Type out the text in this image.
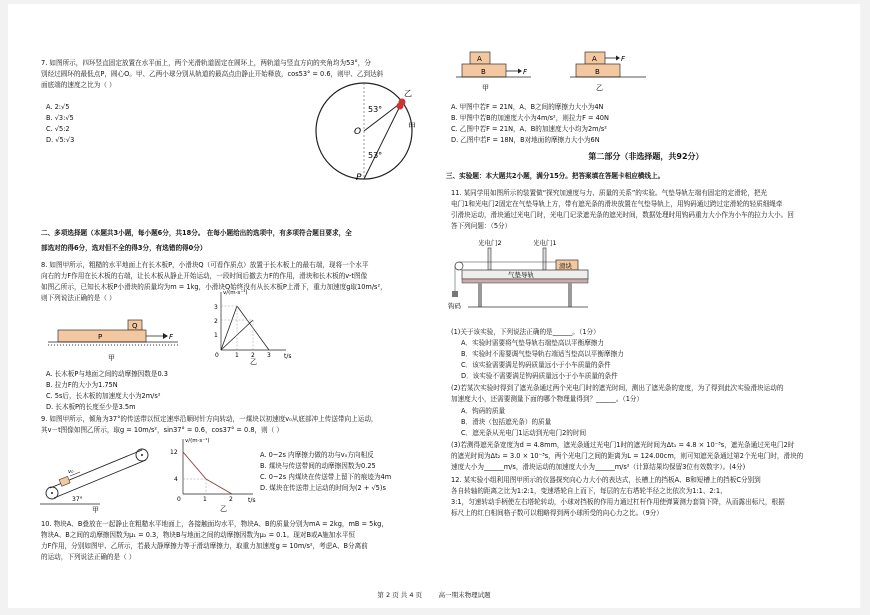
7. 如图所示，四环竖直固定放置在水平面上，两个光滑轨道固定在圆环上，两轨道与竖直方向的夹角均为53°，分
别经过圆环的最低点P，圆心O。甲、乙两小球分别从轨道的最高点由静止开始释放，cos53° = 0.6，则甲、乙到达斜
面底端的速度之比为（ ）
A. 2:√5
B. √3:√5
C. √5:2
D. √5:√3
53°
53°
O
P
甲
乙
二、多项选择题（本题共3小题，每小题6分，共18分。 在每小题给出的选项中，有多项符合题目要求，全
部选对的得6分，选对但不全的得3分，有选错的得0分）
8. 如图甲所示，粗糙的水平地面上有长木板P，小滑块Q（可看作质点）放置于长木板上的最右端，现将一个水平
向右的力F作用在长木板的右端，让长木板从静止开始运动，一段时间后撤去力F的作用，滑块和长木板的v-t图像
如图乙所示，已知长木板P小滑块的质量均为m = 1kg，小滑块Q始终没有从长木板P上滑下，重力加速度g取10m/s²，
则下列说法正确的是（ ）
Q
P	F
甲
v/(m·s⁻¹)
t/s
3
2
1
0	1 2 3
乙
A. 长木板P与地面之间的动摩擦因数是0.3
B. 拉力F的大小为1.75N
C. 5s后，长木板的加速度大小为2m/s²
D. 长木板P的长度至少是3.5m
9. 如图甲所示，倾角为37°的传送带以恒定速率沿顺时针方向转动，一煤块以初速度v₀从底部冲上传送带向上运动，
其v－t图像如图乙所示，取g = 10m/s²，sin37° = 0.6，cos37° = 0.8，则（ ）
v₀
37°
甲
v/(m·s⁻¹)
t/s
12
4
0	1	2
乙
A. 0~2s 内摩擦力做的功与v₀方向相反
B. 煤块与传送带间的动摩擦因数为0.25
C. 0~2s 内煤块在传送带上留下的痕迹为4m
D. 煤块在传送带上运动的时间为(2 + √5)s
10. 物块A、B叠放在一起静止在粗糙水平地面上，各接触面均水平，物块A、B的质量分别为mA = 2kg，mB = 5kg，
物块A、B之间的动摩擦因数为μ₁ = 0.3，物块B与地面之间的动摩擦因数为μ₂ = 0.1。现对B或A施加水平恒
力F作用，分别如图甲、乙所示，若最大静摩擦力等于滑动摩擦力，取重力加速度g = 10m/s²，考虑A、B分离前
的运动，下列说法正确的是（ ）
A
B	F
甲
A	F
B
乙
A. 甲图中若F = 21N，A、B之间的摩擦力大小为4N
B. 甲图中若B的加速度大小为4m/s²，则拉力F = 40N
C. 乙图中若F = 21N，A、B的加速度大小均为2m/s²
D. 乙图中若F = 18N，B对地面的摩擦力大小为6N
第二部分（非选择题，共92分）
三、实验题：本大题共2小题，满分15分。把答案填在答题卡相应横线上。
11. 某同学用如图所示的装置做“探究加速度与力、质量的关系”的实验。气垫导轨左端有固定的定滑轮，把光
电门1和光电门2固定在气垫导轨上方，带有遮光条的滑块放置在气垫导轨上，用钩码通过跨过定滑轮的轻质细绳牵
引滑块运动，滑块通过光电门时，光电门记录遮光条的遮光时间，数据处理时用钩码重力大小作为小车的拉力大小。回
答下列问题：（5分）
光电门2	光电门1
滑块
气垫导轨
钩码
(1)关于该实验，下列说法正确的是______。（1分）
A．实验时需要将气垫导轨右端垫高以平衡摩擦力
B．实验时不需要调气垫导轨右端适当垫高以平衡摩擦力
C．该实验需要满足钩码质量远小于小车质量的条件
D．该实验不需要满足钩码质量远小于小车质量的条件
(2)若某次实验时得到了遮光条通过两个光电门时的遮光时间，测出了遮光条的宽度，为了得到此次实验滑块运动的
加速度大小，还需要测量下面的哪个物理量得到？______。（1分）
A．钩码的质量
B．滑块（包括遮光条）的质量
C．遮光条从光电门1运动到光电门2的时间
(3)若测得遮光条宽度为d = 4.8mm，遮光条通过光电门1时的遮光时间为Δt₁ = 4.8 × 10⁻³s，遮光条通过光电门2时
的遮光时间为Δt₂ = 3.0 × 10⁻³s，两个光电门之间的距离为L = 124.00cm，则可知遮光条通过第2个光电门时，滑块的
速度大小为______m/s，滑块运动的加速度大小为______m/s²（计算结果均保留3位有效数字）。(4分)
12. 某实验小组利用图甲所示的仪器探究向心力大小的表达式，长槽上的挡板A、B和短槽上的挡板C分别到
各自转轴的距离之比为1:2:1，变速塔轮自上而下，每层的左右塔轮半径之比依次为1:1、2:1、
3:1，匀速转动手柄使左右塔轮转动，小球对挡板的作用力通过杠杆作用使弹簧测力套筒下降，从而露出标尺，根据
标尺上的红白相间格子数可以粗略得到两小球所受的向心力之比。（9分）
第 2 页 共 4 页	高一期末物理试题
